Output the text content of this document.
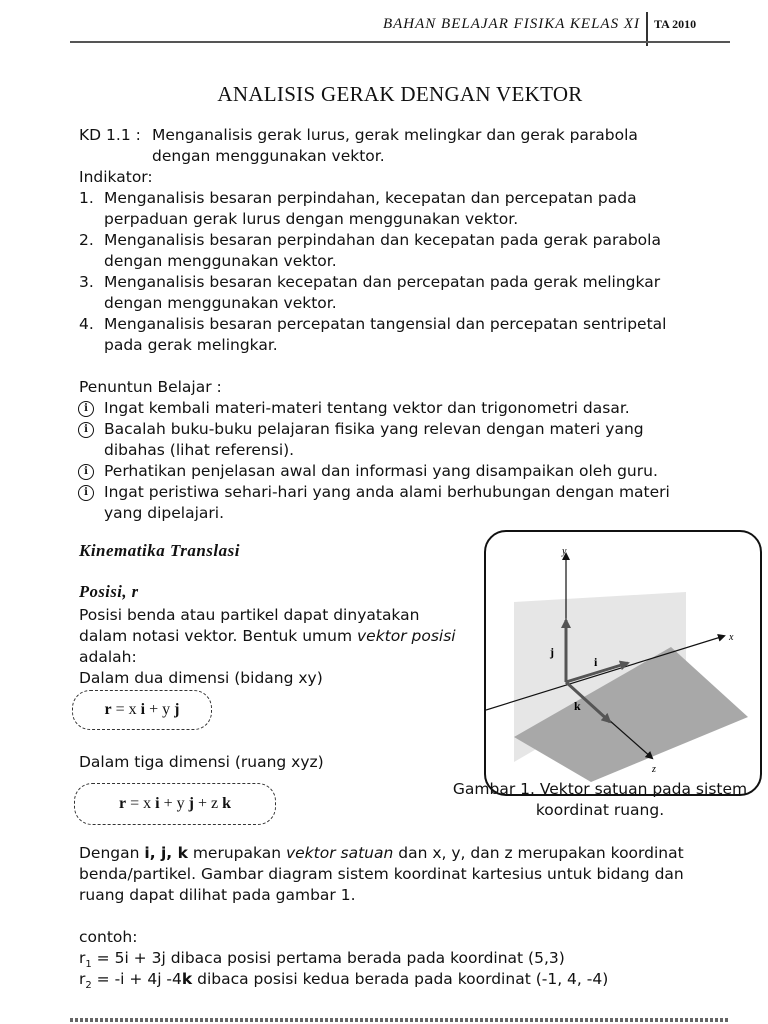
BAHAN BELAJAR FISIKA KELAS XI TA 2010
ANALISIS GERAK DENGAN VEKTOR
KD 1.1 : Menganalisis gerak lurus, gerak melingkar dan gerak parabola
dengan menggunakan vektor.
Indikator:
1. Menganalisis besaran perpindahan, kecepatan dan percepatan pada
perpaduan gerak lurus dengan menggunakan vektor.
2. Menganalisis besaran perpindahan dan kecepatan pada gerak parabola
dengan menggunakan vektor.
3. Menganalisis besaran kecepatan dan percepatan pada gerak melingkar
dengan menggunakan vektor.
4. Menganalisis besaran percepatan tangensial dan percepatan sentripetal
pada gerak melingkar.
Penuntun Belajar :
i	Ingat kembali materi-materi tentang vektor dan trigonometri dasar.
i	Bacalah buku-buku pelajaran fisika yang relevan dengan materi yang
dibahas (lihat referensi).
i	Perhatikan penjelasan awal dan informasi yang disampaikan oleh guru.
i	Ingat peristiwa sehari-hari yang anda alami berhubungan dengan materi
yang dipelajari.
Kinematika Translasi
Posisi, r
Posisi benda atau partikel dapat dinyatakan
dalam notasi vektor. Bentuk umum vektor posisi
adalah:
Dalam dua dimensi (bidang xy)
r = x i + y j
Dalam tiga dimensi (ruang xyz)
r = x i + y j + z k
y
x
z
j
i
k
Gambar 1. Vektor satuan pada sistem
koordinat ruang.
Dengan i, j, k merupakan vektor satuan dan x, y, dan z merupakan koordinat
benda/partikel. Gambar diagram sistem koordinat kartesius untuk bidang dan
ruang dapat dilihat pada gambar 1.
contoh:
$r_1 = 5i + 3j$ dibaca posisi pertama berada pada koordinat (5,3)
$r_2 = -i + 4j$ -4k dibaca posisi kedua berada pada koordinat (-1, 4, -4)
